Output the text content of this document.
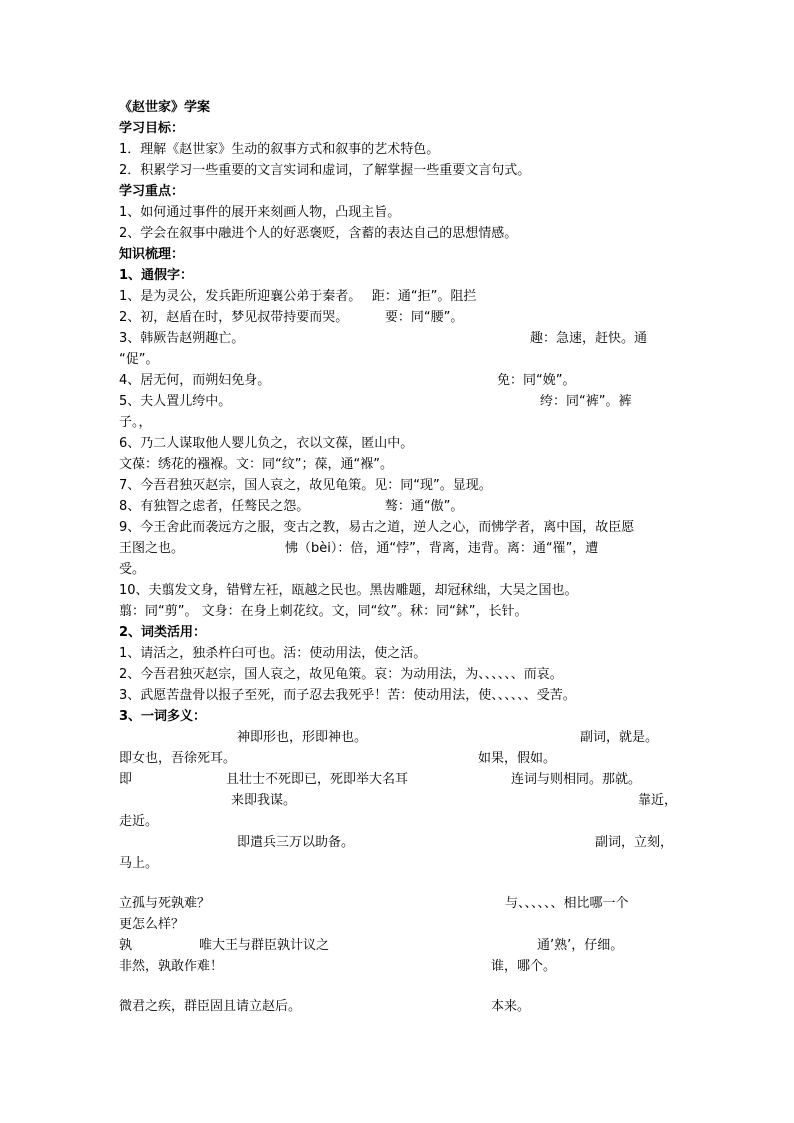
《赵世家》学案
学习目标：
1．理解《赵世家》生动的叙事方式和叙事的艺术特色。
2．积累学习一些重要的文言实词和虚词，了解掌握一些重要文言句式。
学习重点：
1、如何通过事件的展开来刻画人物，凸现主旨。
2、学会在叙事中融进个人的好恶褒贬，含蓄的表达自己的思想情感。
知识梳理：
1、通假字：
1、是为灵公，发兵距所迎襄公弟于秦者。　 距：通“拒”。阻拦
2、初，赵盾在时，梦见叔带持要而哭。　　　 要：同“腰”。
3、韩厥告赵朔趣亡。	趣：急速，赶快。通
“促”。
4、居无何，而朔妇免身。	免：同“娩”。
5、夫人置儿绔中。	绔：同“裤”。裤
子。，
6、乃二人谋取他人婴儿负之，衣以文葆，匿山中。
文葆：绣花的襁褓。文：同“纹”；葆，通“褓”。
7、今吾君独灭赵宗，国人哀之，故见龟策。见：同“现”。显现。
8、有独智之虑者，任骜民之怨。　　　　　　 骜：通“傲”。
9、今王舍此而袭远方之服，变古之教，易古之道，逆人之心，而怫学者，离中国，故臣愿
王图之也。	怫（bèi）：倍，通“悖”，背离，违背。离：通“罹”，遭
受。
10、夫翦发文身，错臂左衽，瓯越之民也。黑齿雕题，却冠秫绌，大吴之国也。
翦：同“剪”。 文身：在身上刺花纹。文，同“纹”。秫：同“鉥”，长针。
2、词类活用：
1、请活之，独杀杵臼可也。活：使动用法，使之活。
2、今吾君独灭赵宗，国人哀之，故见龟策。哀：为动用法，为、、、、、、而哀。
3、武愿苦盘骨以报子至死，而子忍去我死乎！苦：使动用法，使、、、、、、受苦。
3、一词多义：
神即形也，形即神也。	副词，就是。
即女也，吾徐死耳。	如果，假如。
即	且壮士不死即已，死即举大名耳	连词与则相同。那就。
来即我谋。	靠近，
走近。
即遣兵三万以助备。	副词，立刻，
马上。
立孤与死孰难？	与、、、、、、相比哪一个
更怎么样？
孰	唯大王与群臣孰计议之	通’熟’，仔细。
非然，孰敢作难！	谁，哪个。
微君之疾，群臣固且请立赵后。	本来。
